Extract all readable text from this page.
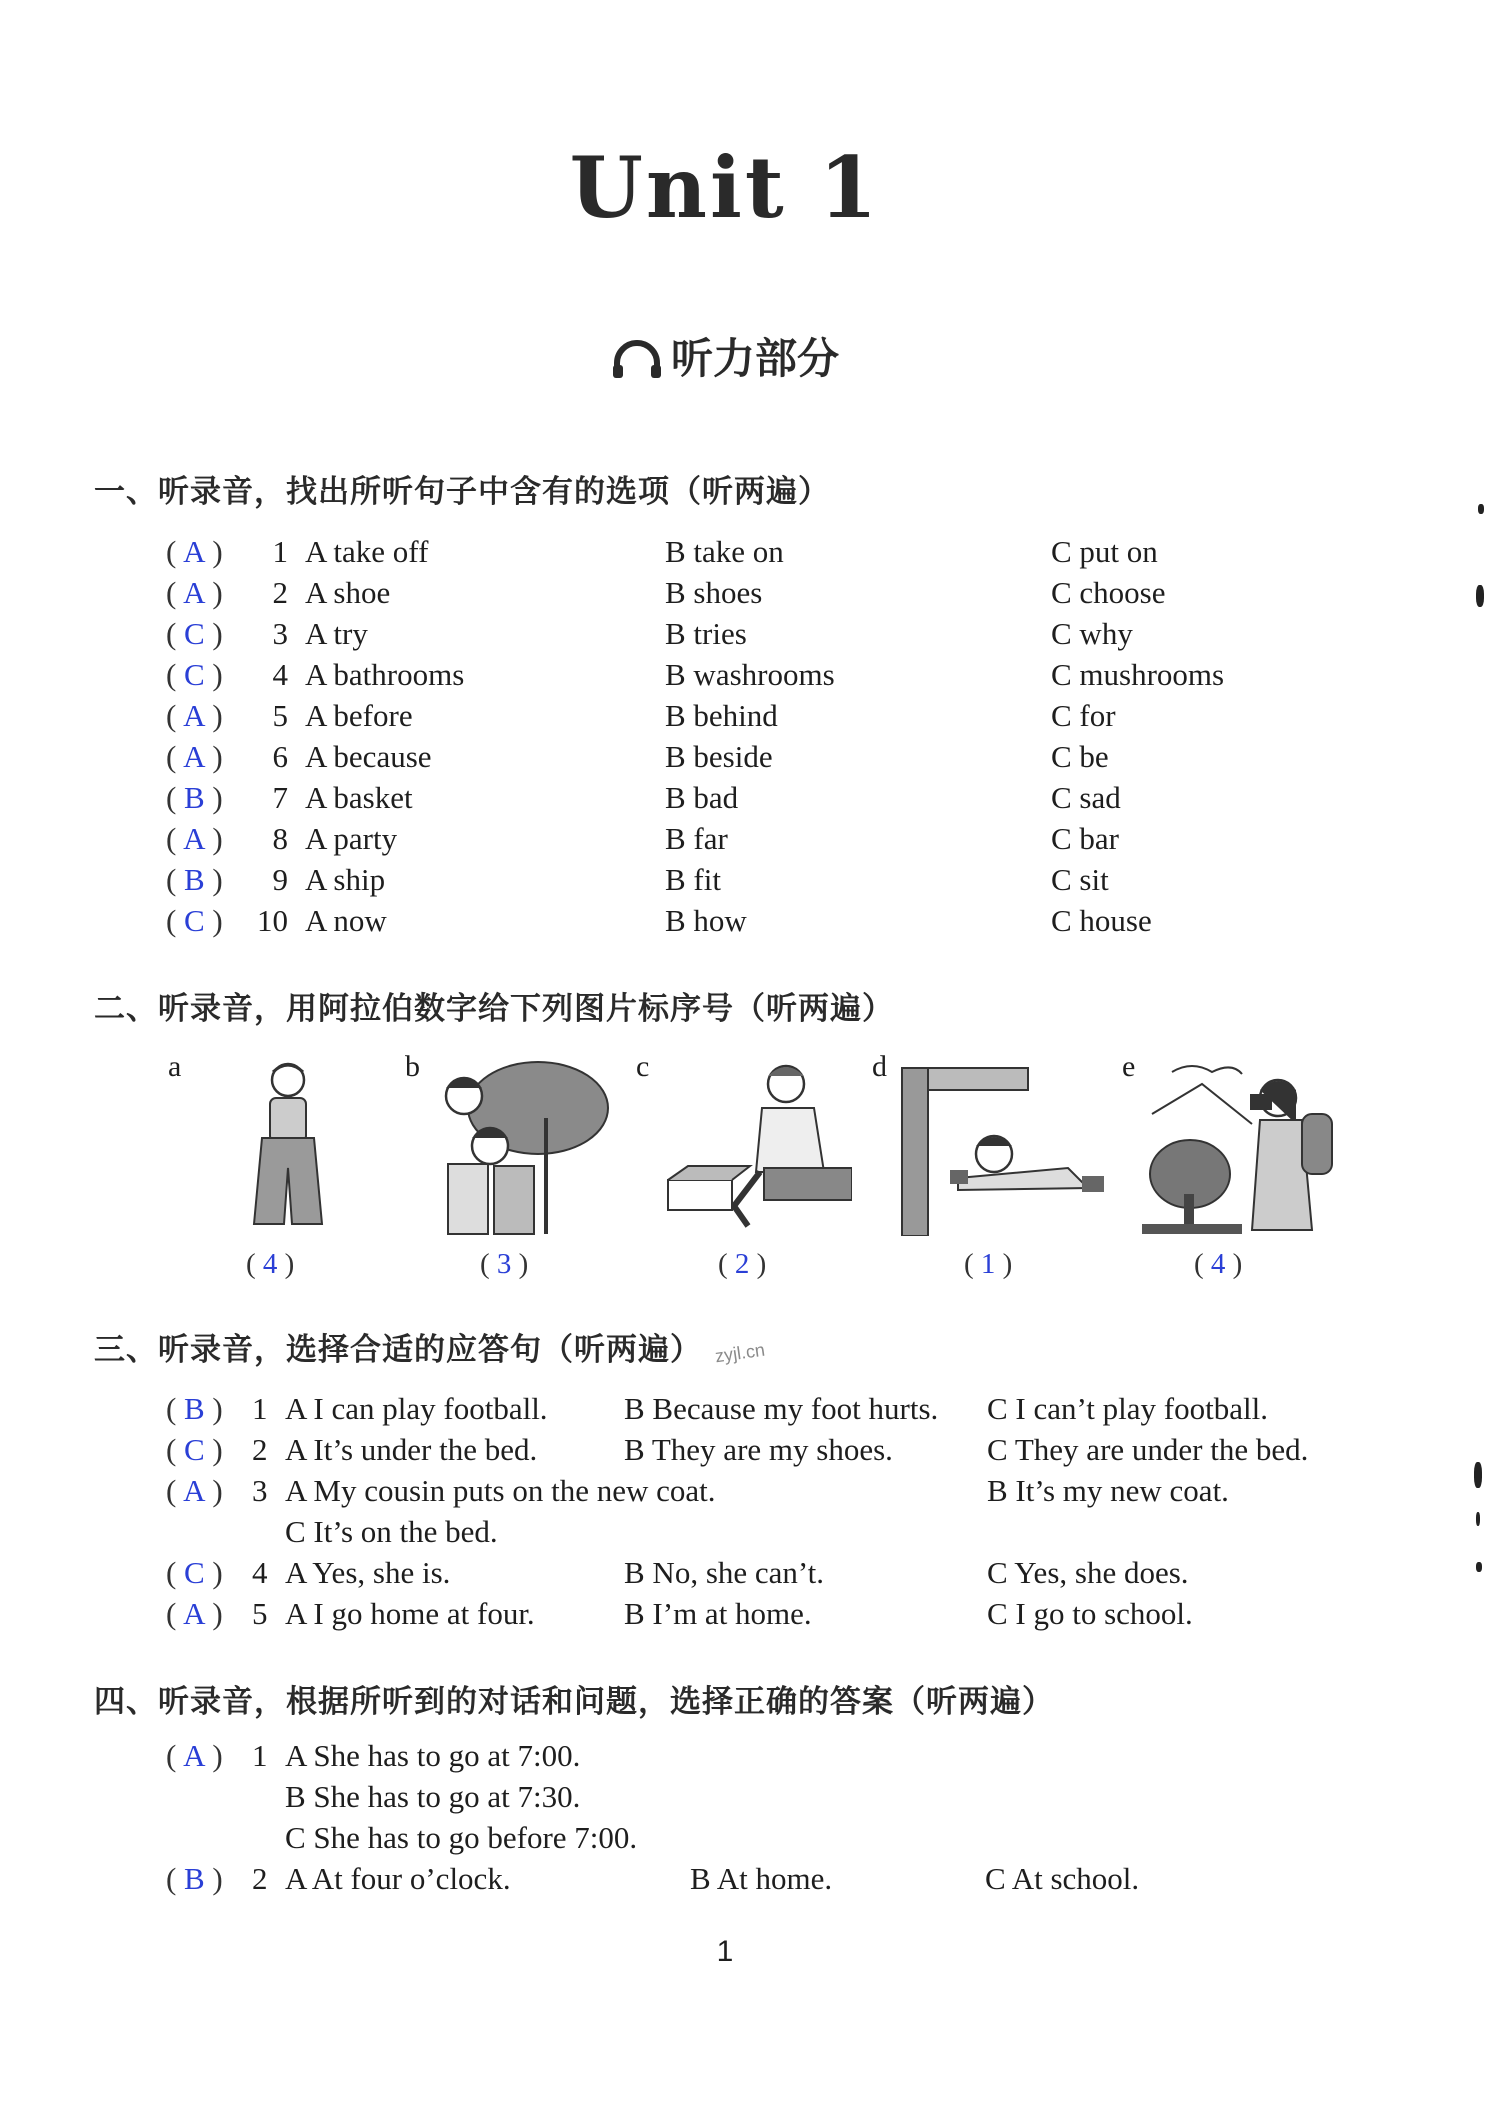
Unit 1
听力部分
一、听录音，找出所听句子中含有的选项（听两遍）
( A )	1 A take off	B take on	C put on
( A )	2 A shoe	B shoes	C choose
( C )	3 A try	B tries	C why
( C )	4 A bathrooms	B washrooms	C mushrooms
( A )	5 A before	B behind	C for
( A )	6 A because	B beside	C be
( B )	7 A basket	B bad	C sad
( A )	8 A party	B far	C bar
( B )	9 A ship	B fit	C sit
( C ) 10 A now	B how	C house
二、听录音，用阿拉伯数字给下列图片标序号（听两遍）
a
( 4 )
b
( 3 )
c
( 2 )
d
( 1 )
e
( 4 )
三、听录音，选择合适的应答句（听两遍） zyjl.cn
( B ) 1 A I can play football. B Because my foot hurts. C I can’t play football.
( C ) 2 A It’s under the bed.	B They are my shoes.	C They are under the bed.
( A ) 3 A My cousin puts on the new coat.	B It’s my new coat.
C It’s on the bed.
( C ) 4 A Yes, she is.	B No, she can’t.	C Yes, she does.
( A ) 5 A I go home at four.	B I’m at home.	C I go to school.
四、听录音，根据所听到的对话和问题，选择正确的答案（听两遍）
( A ) 1 A She has to go at 7:00.
B She has to go at 7:30.
C She has to go before 7:00.
( B ) 2 A At four o’clock.	B At home.	C At school.
1
